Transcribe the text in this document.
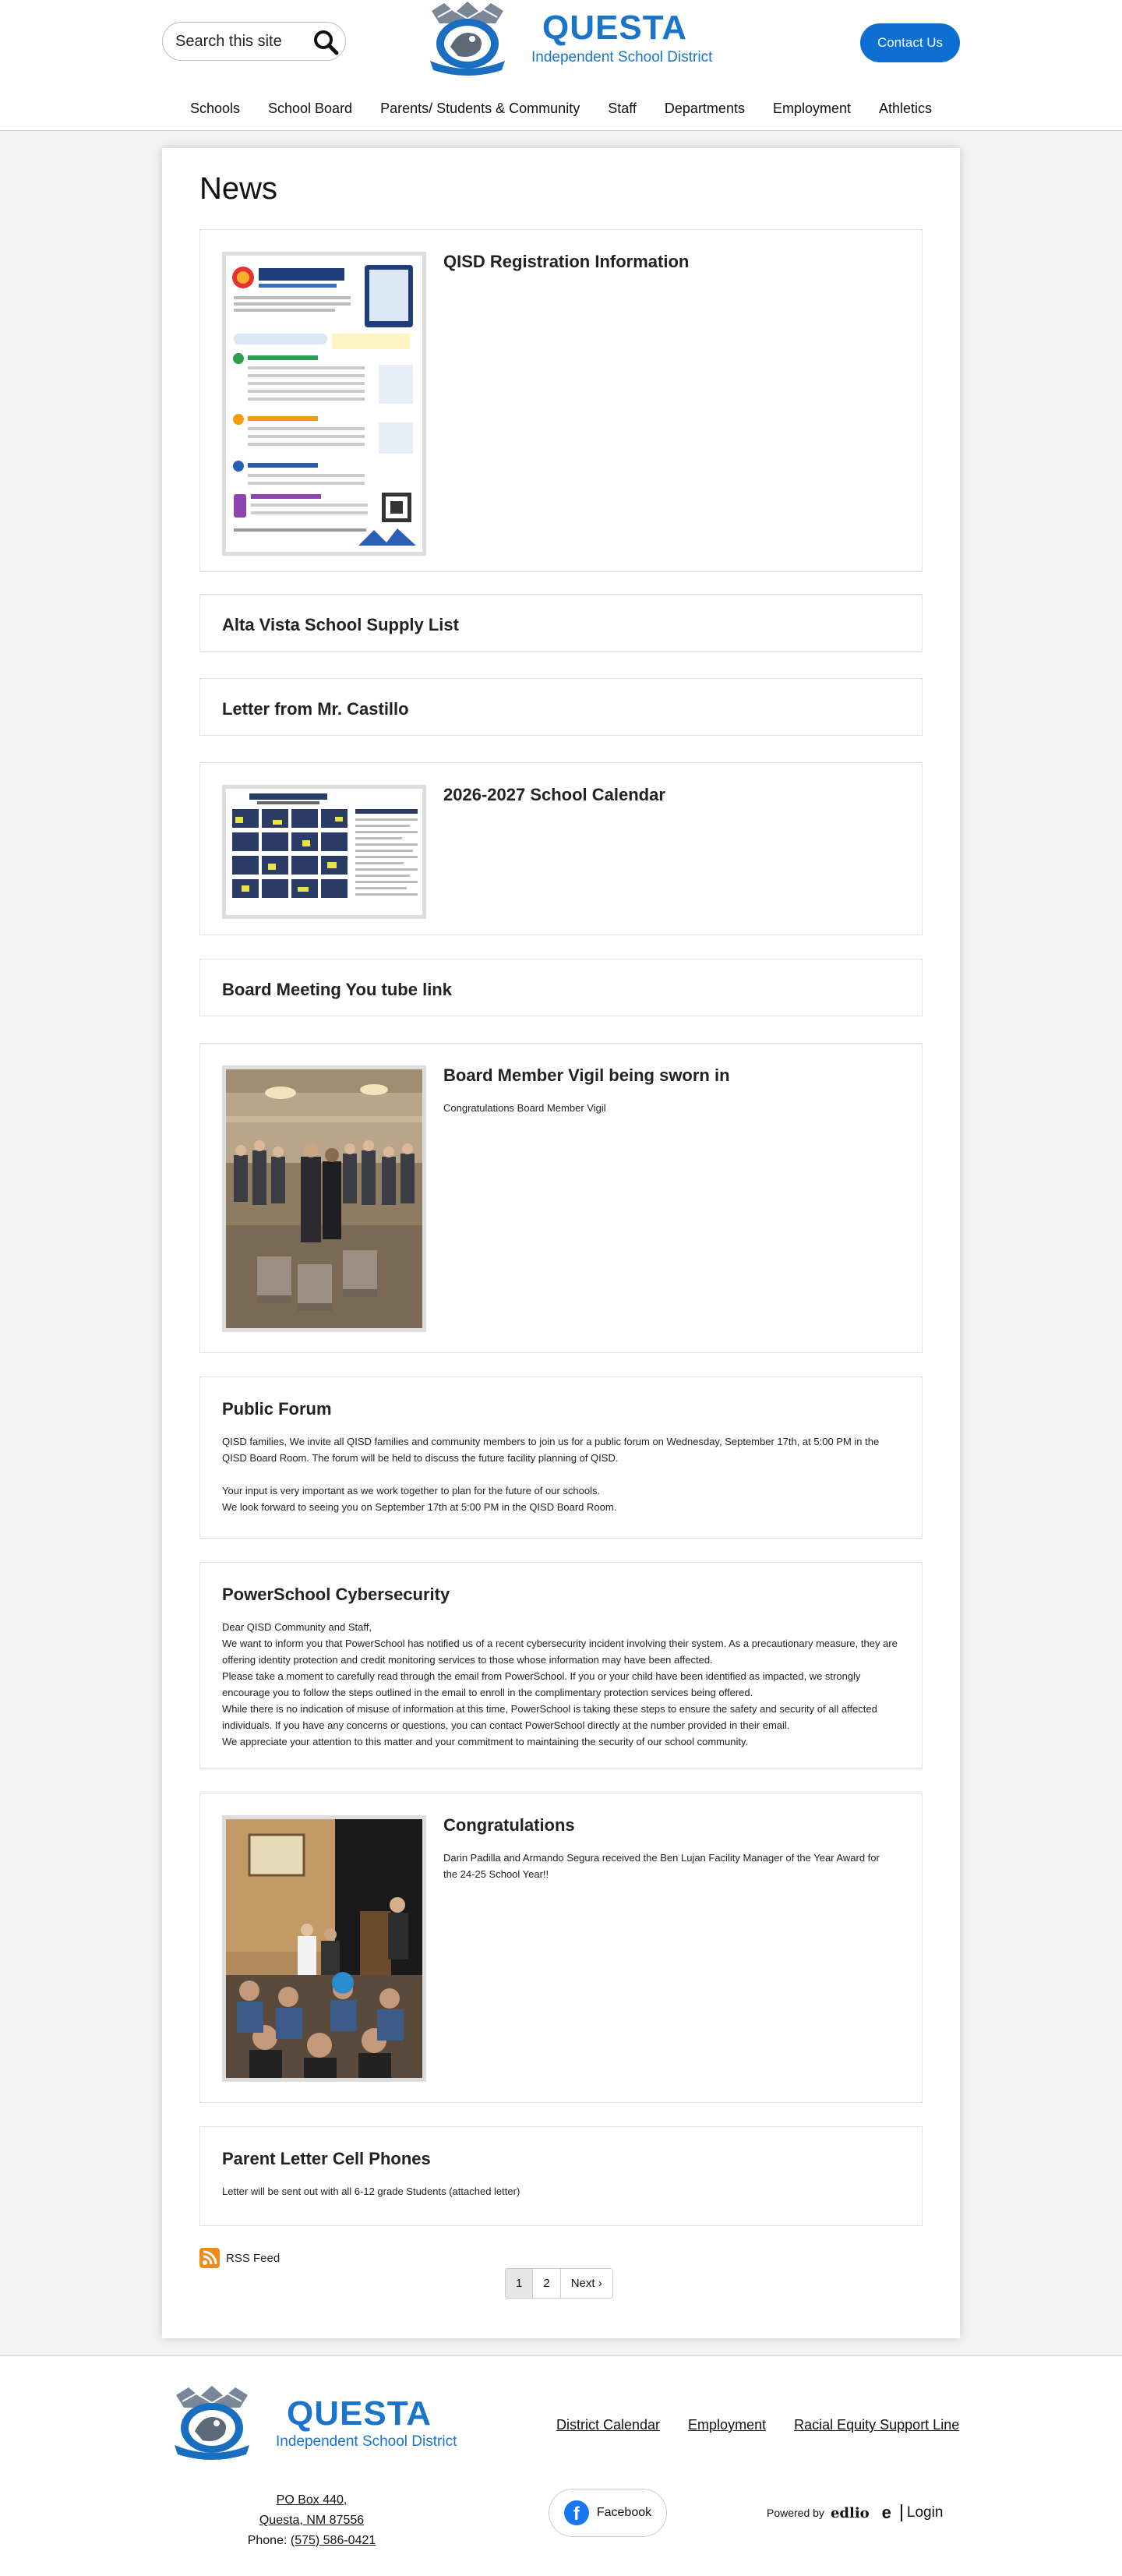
Search this site
QUESTA
Independent School District
Contact Us
Schools	School Board	Parents/ Students & Community	Staff	Departments	Employment	Athletics
News
QISD Registration Information
Alta Vista School Supply List
Letter from Mr. Castillo
2026-2027 School Calendar
Board Meeting You tube link
Board Member Vigil being sworn in
Congratulations Board Member Vigil
Public Forum

QISD families, We invite all QISD families and community members to join us for a public forum on Wednesday, September 17th, at 5:00 PM in the QISD Board Room. The forum will be held to discuss the future facility planning of QISD.

Your input is very important as we work together to plan for the future of our schools.

We look forward to seeing you on September 17th at 5:00 PM in the QISD Board Room.

PowerSchool Cybersecurity

Dear QISD Community and Staff,

We want to inform you that PowerSchool has notified us of a recent cybersecurity incident involving their system. As a precautionary measure, they are offering identity protection and credit monitoring services to those whose information may have been affected.

Please take a moment to carefully read through the email from PowerSchool. If you or your child have been identified as impacted, we strongly encourage you to follow the steps outlined in the email to enroll in the complimentary protection services being offered.

While there is no indication of misuse of information at this time, PowerSchool is taking these steps to ensure the safety and security of all affected individuals. If you have any concerns or questions, you can contact PowerSchool directly at the number provided in their email.

We appreciate your attention to this matter and your commitment to maintaining the security of our school community.

Congratulations
Darin Padilla and Armando Segura received the Ben Lujan Facility Manager of the Year Award for the 24-25 School Year!!
Parent Letter Cell Phones

Letter will be sent out with all 6-12 grade Students (attached letter)

RSS Feed
1	2	Next ›
QUESTA
Independent School District
District Calendar Employment Racial Equity Support Line
PO Box 440,
Questa, NM 87556
Phone: (575) 586-0421
f	Facebook	Powered by edlio e	Login
